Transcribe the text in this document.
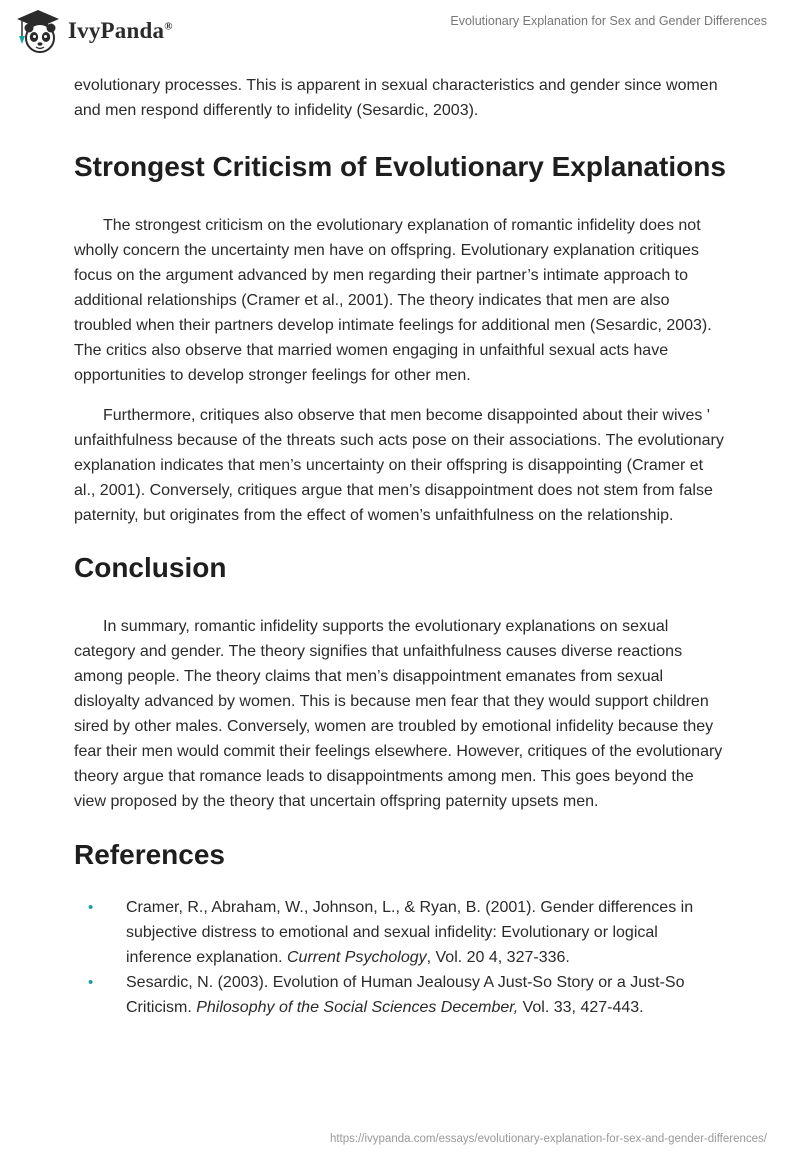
IvyPanda®	Evolutionary Explanation for Sex and Gender Differences

evolutionary processes. This is apparent in sexual characteristics and gender since women and men respond differently to infidelity (Sesardic, 2003).

Strongest Criticism of Evolutionary Explanations

The strongest criticism on the evolutionary explanation of romantic infidelity does not wholly concern the uncertainty men have on offspring. Evolutionary explanation critiques focus on the argument advanced by men regarding their partner’s intimate approach to additional relationships (Cramer et al., 2001). The theory indicates that men are also troubled when their partners develop intimate feelings for additional men (Sesardic, 2003). The critics also observe that married women engaging in unfaithful sexual acts have opportunities to develop stronger feelings for other men.

Furthermore, critiques also observe that men become disappointed about their wives ' unfaithfulness because of the threats such acts pose on their associations. The evolutionary explanation indicates that men’s uncertainty on their offspring is disappointing (Cramer et al., 2001). Conversely, critiques argue that men’s disappointment does not stem from false paternity, but originates from the effect of women’s unfaithfulness on the relationship.

Conclusion

In summary, romantic infidelity supports the evolutionary explanations on sexual category and gender. The theory signifies that unfaithfulness causes diverse reactions among people. The theory claims that men’s disappointment emanates from sexual disloyalty advanced by women. This is because men fear that they would support children sired by other males. Conversely, women are troubled by emotional infidelity because they fear their men would commit their feelings elsewhere. However, critiques of the evolutionary theory argue that romance leads to disappointments among men. This goes beyond the view proposed by the theory that uncertain offspring paternity upsets men.

References
• Cramer, R., Abraham, W., Johnson, L., & Ryan, B. (2001). Gender differences in subjective distress to emotional and sexual infidelity: Evolutionary or logical inference explanation. Current Psychology, Vol. 20 4, 327-336.
• Sesardic, N. (2003). Evolution of Human Jealousy A Just-So Story or a Just-So Criticism. Philosophy of the Social Sciences December, Vol. 33, 427-443.
https://ivypanda.com/essays/evolutionary-explanation-for-sex-and-gender-differences/
